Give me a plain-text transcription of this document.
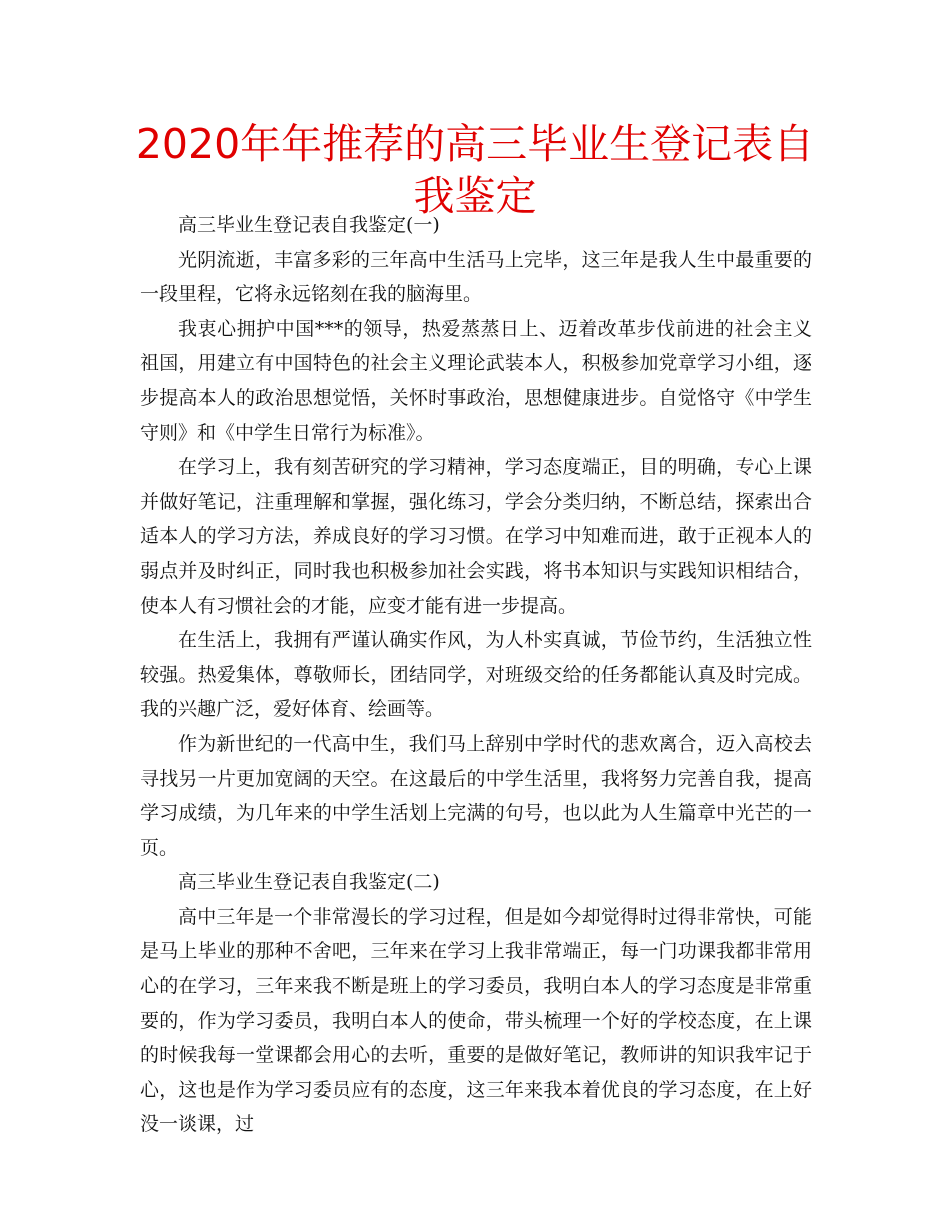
2020年年推荐的高三毕业生登记表自我鉴定

高三毕业生登记表自我鉴定(一)

光阴流逝，丰富多彩的三年高中生活马上完毕，这三年是我人生中最重要的一段里程，它将永远铭刻在我的脑海里。

我衷心拥护中国***的领导，热爱蒸蒸日上、迈着改革步伐前进的社会主义祖国，用建立有中国特色的社会主义理论武装本人，积极参加党章学习小组，逐步提高本人的政治思想觉悟，关怀时事政治，思想健康进步。自觉恪守《中学生守则》和《中学生日常行为标准》。

在学习上，我有刻苦研究的学习精神，学习态度端正，目的明确，专心上课并做好笔记，注重理解和掌握，强化练习，学会分类归纳，不断总结，探索出合适本人的学习方法，养成良好的学习习惯。在学习中知难而进，敢于正视本人的弱点并及时纠正，同时我也积极参加社会实践，将书本知识与实践知识相结合，使本人有习惯社会的才能，应变才能有进一步提高。

在生活上，我拥有严谨认确实作风，为人朴实真诚，节俭节约，生活独立性较强。热爱集体，尊敬师长，团结同学，对班级交给的任务都能认真及时完成。我的兴趣广泛，爱好体育、绘画等。

作为新世纪的一代高中生，我们马上辞别中学时代的悲欢离合，迈入高校去寻找另一片更加宽阔的天空。在这最后的中学生活里，我将努力完善自我，提高学习成绩，为几年来的中学生活划上完满的句号，也以此为人生篇章中光芒的一页。

高三毕业生登记表自我鉴定(二)

高中三年是一个非常漫长的学习过程，但是如今却觉得时过得非常快，可能是马上毕业的那种不舍吧，三年来在学习上我非常端正，每一门功课我都非常用心的在学习，三年来我不断是班上的学习委员，我明白本人的学习态度是非常重要的，作为学习委员，我明白本人的使命，带头梳理一个好的学校态度，在上课的时候我每一堂课都会用心的去听，重要的是做好笔记，教师讲的知识我牢记于心，这也是作为学习委员应有的态度，这三年来我本着优良的学习态度，在上好没一谈课，过
